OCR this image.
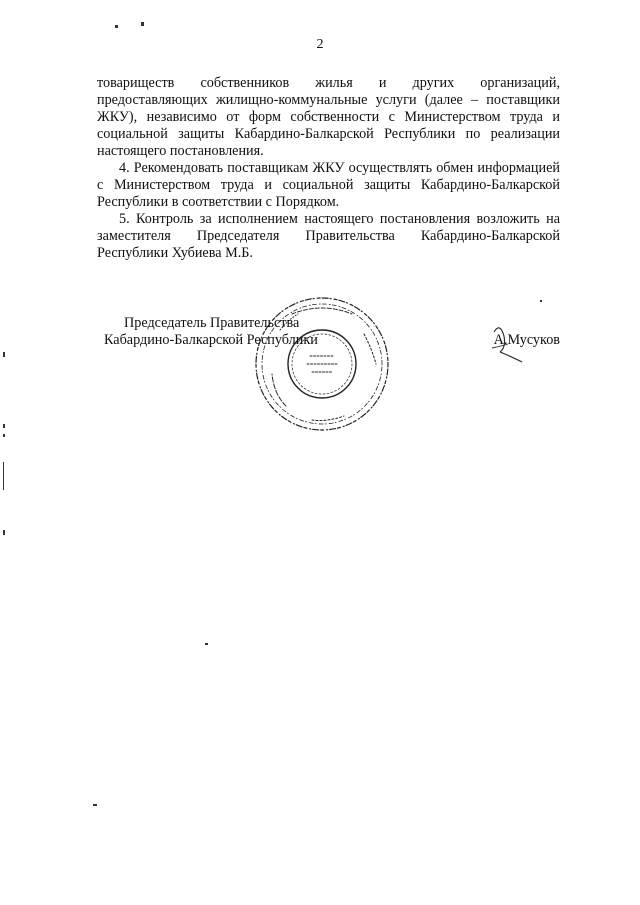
2

товариществ собственников жилья и других организаций, предоставляющих жилищно-коммунальные услуги (далее – поставщики ЖКУ), независимо от форм собственности с Министерством труда и социальной защиты Кабардино-Балкарской Республики по реализации настоящего постановления.

4. Рекомендовать поставщикам ЖКУ осуществлять обмен информацией с Министерством труда и социальной защиты Кабардино-Балкарской Республики в соответствии с Порядком.

5. Контроль за исполнением настоящего постановления возложить на заместителя Председателя Правительства Кабардино-Балкарской Республики Хубиева М.Б.

Председатель Правительства
Кабардино-Балкарской Республики	А.Мусуков
